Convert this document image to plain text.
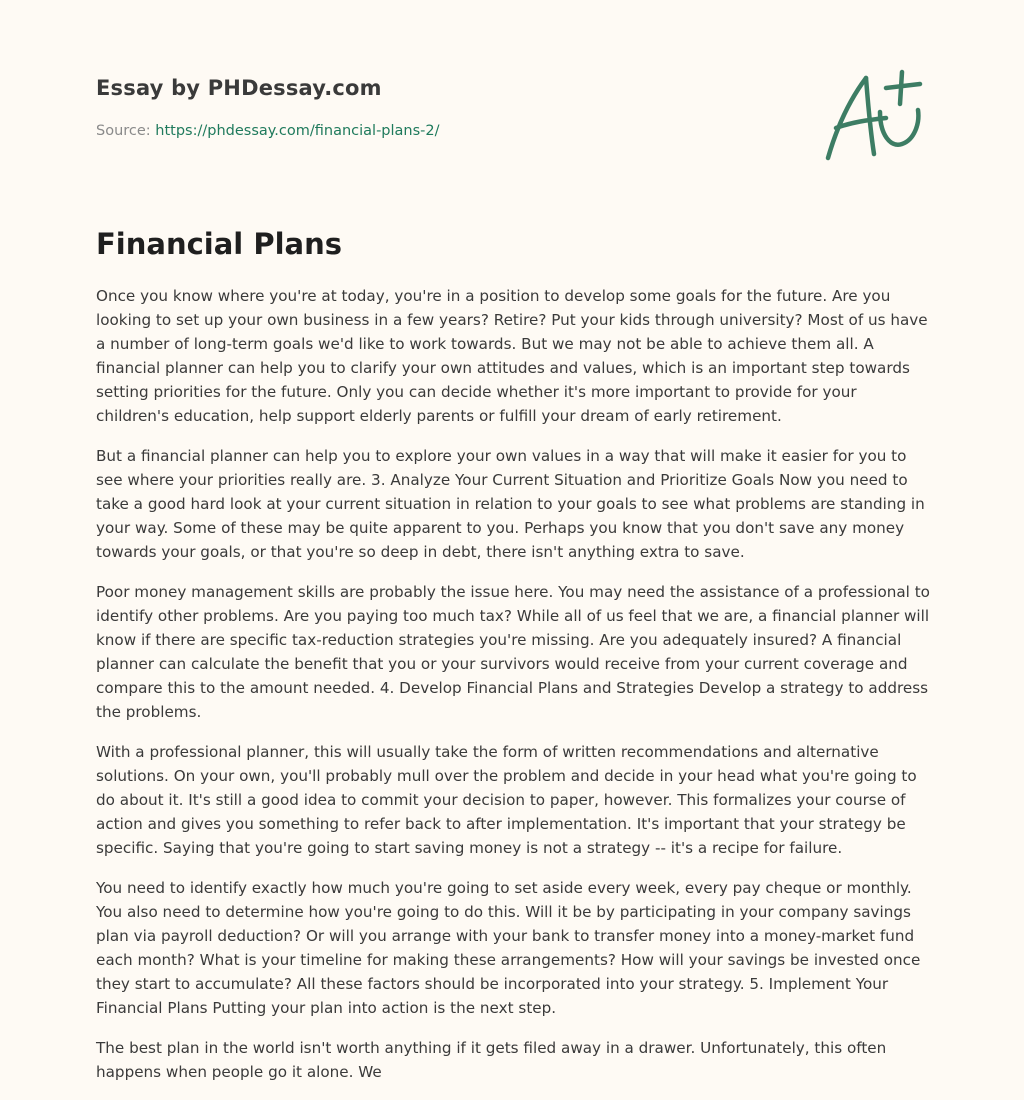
Essay by PHDessay.com
Source: https://phdessay.com/financial-plans-2/
Financial Plans

Once you know where you're at today, you're in a position to develop some goals for the future. Are you looking to set up your own business in a few years? Retire? Put your kids through university? Most of us have a number of long-term goals we'd like to work towards. But we may not be able to achieve them all. A financial planner can help you to clarify your own attitudes and values, which is an important step towards setting priorities for the future. Only you can decide whether it's more important to provide for your children's education, help support elderly parents or fulfill your dream of early retirement.

But a financial planner can help you to explore your own values in a way that will make it easier for you to see where your priorities really are. 3. Analyze Your Current Situation and Prioritize Goals Now you need to take a good hard look at your current situation in relation to your goals to see what problems are standing in your way. Some of these may be quite apparent to you. Perhaps you know that you don't save any money towards your goals, or that you're so deep in debt, there isn't anything extra to save.

Poor money management skills are probably the issue here. You may need the assistance of a professional to identify other problems. Are you paying too much tax? While all of us feel that we are, a financial planner will know if there are specific tax-reduction strategies you're missing. Are you adequately insured? A financial planner can calculate the benefit that you or your survivors would receive from your current coverage and compare this to the amount needed. 4. Develop Financial Plans and Strategies Develop a strategy to address the problems.

With a professional planner, this will usually take the form of written recommendations and alternative solutions. On your own, you'll probably mull over the problem and decide in your head what you're going to do about it. It's still a good idea to commit your decision to paper, however. This formalizes your course of action and gives you something to refer back to after implementation. It's important that your strategy be specific. Saying that you're going to start saving money is not a strategy -- it's a recipe for failure.

You need to identify exactly how much you're going to set aside every week, every pay cheque or monthly. You also need to determine how you're going to do this. Will it be by participating in your company savings plan via payroll deduction? Or will you arrange with your bank to transfer money into a money-market fund each month? What is your timeline for making these arrangements? How will your savings be invested once they start to accumulate? All these factors should be incorporated into your strategy. 5. Implement Your Financial Plans Putting your plan into action is the next step.

The best plan in the world isn't worth anything if it gets filed away in a drawer. Unfortunately, this often happens when people go it alone. We
